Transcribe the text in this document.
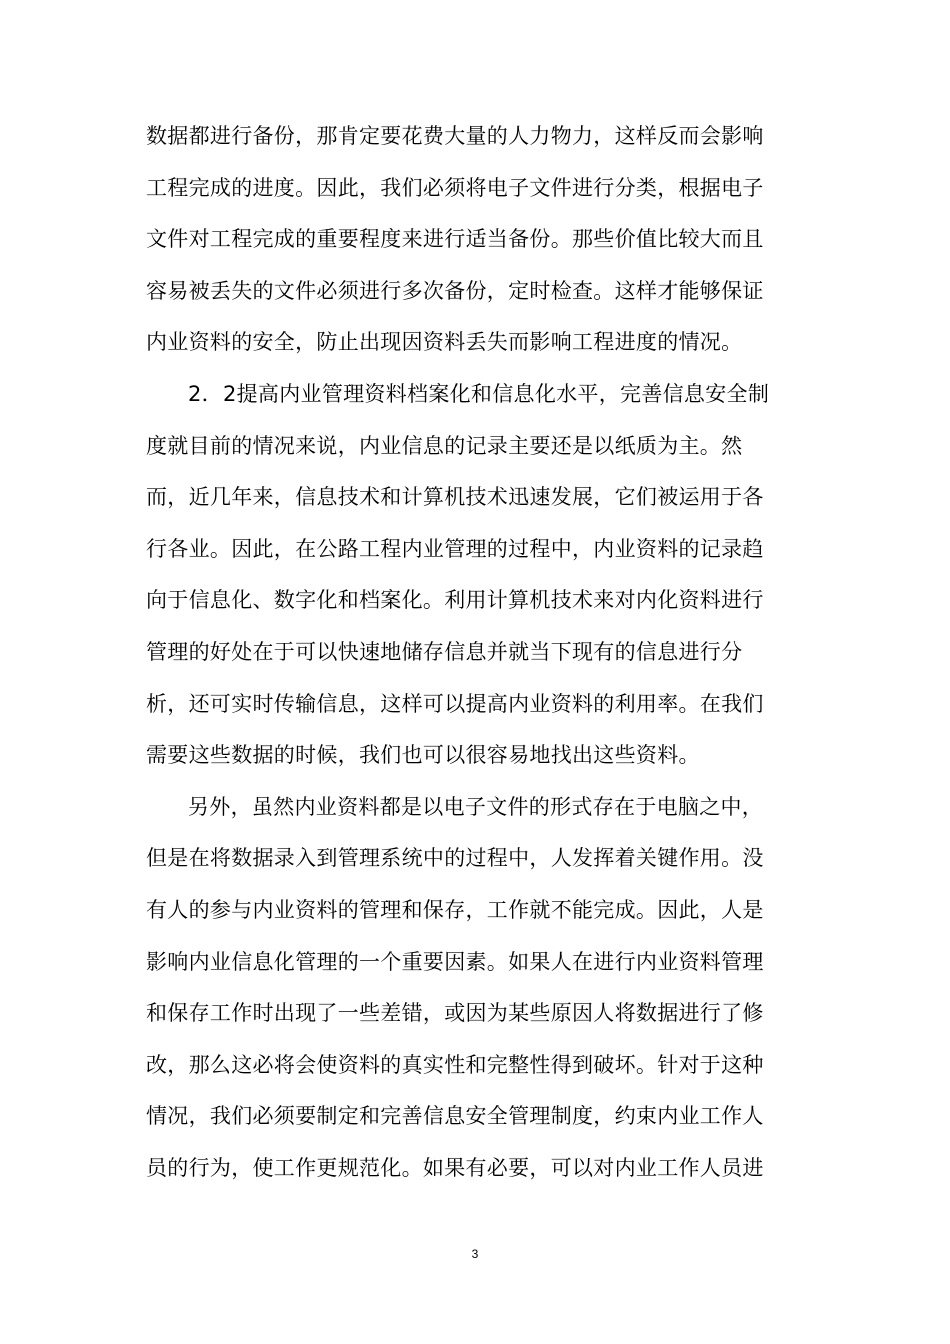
数据都进行备份，那肯定要花费大量的人力物力，这样反而会影响
工程完成的进度。因此，我们必须将电子文件进行分类，根据电子
文件对工程完成的重要程度来进行适当备份。那些价值比较大而且
容易被丢失的文件必须进行多次备份，定时检查。这样才能够保证
内业资料的安全，防止出现因资料丢失而影响工程进度的情况。
2．2提高内业管理资料档案化和信息化水平，完善信息安全制
度就目前的情况来说，内业信息的记录主要还是以纸质为主。然
而，近几年来，信息技术和计算机技术迅速发展，它们被运用于各
行各业。因此，在公路工程内业管理的过程中，内业资料的记录趋
向于信息化、数字化和档案化。利用计算机技术来对内化资料进行
管理的好处在于可以快速地储存信息并就当下现有的信息进行分
析，还可实时传输信息，这样可以提高内业资料的利用率。在我们
需要这些数据的时候，我们也可以很容易地找出这些资料。
另外，虽然内业资料都是以电子文件的形式存在于电脑之中，
但是在将数据录入到管理系统中的过程中，人发挥着关键作用。没
有人的参与内业资料的管理和保存，工作就不能完成。因此，人是
影响内业信息化管理的一个重要因素。如果人在进行内业资料管理
和保存工作时出现了一些差错，或因为某些原因人将数据进行了修
改，那么这必将会使资料的真实性和完整性得到破坏。针对于这种
情况，我们必须要制定和完善信息安全管理制度，约束内业工作人
员的行为，使工作更规范化。如果有必要，可以对内业工作人员进
3
